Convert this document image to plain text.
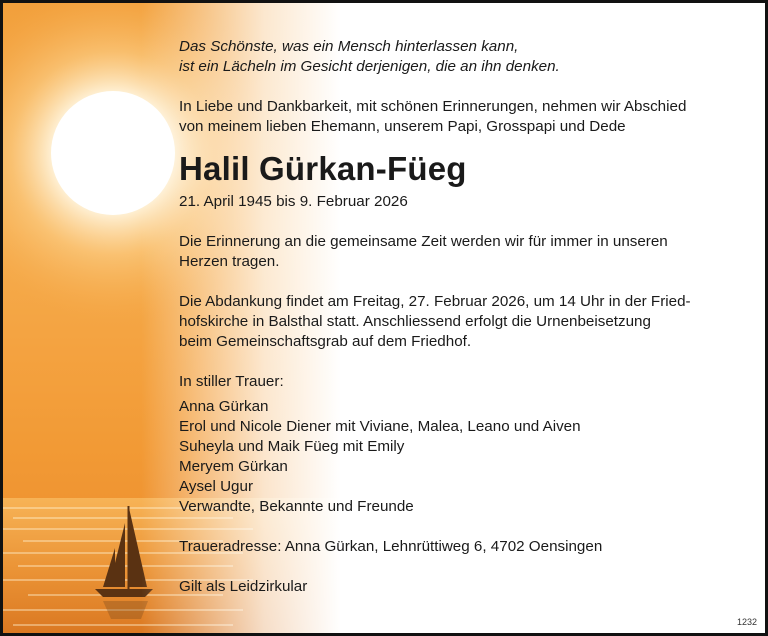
Das Schönste, was ein Mensch hinterlassen kann,
ist ein Lächeln im Gesicht derjenigen, die an ihn denken.

In Liebe und Dankbarkeit, mit schönen Erinnerungen, nehmen wir Abschied
von meinem lieben Ehemann, unserem Papi, Grosspapi und Dede

Halil Gürkan-Füeg

21. April 1945 bis 9. Februar 2026

Die Erinnerung an die gemeinsame Zeit werden wir für immer in unseren
Herzen tragen.

Die Abdankung findet am Freitag, 27. Februar 2026, um 14 Uhr in der Fried-
hofskirche in Balsthal statt. Anschliessend erfolgt die Urnenbeisetzung
beim Gemeinschaftsgrab auf dem Friedhof.

In stiller Trauer:

Anna Gürkan
Erol und Nicole Diener mit Viviane, Malea, Leano und Aiven
Suheyla und Maik Füeg mit Emily
Meryem Gürkan
Aysel Ugur
Verwandte, Bekannte und Freunde

Traueradresse: Anna Gürkan, Lehnrüttiweg 6, 4702 Oensingen

Gilt als Leidzirkular

1232
